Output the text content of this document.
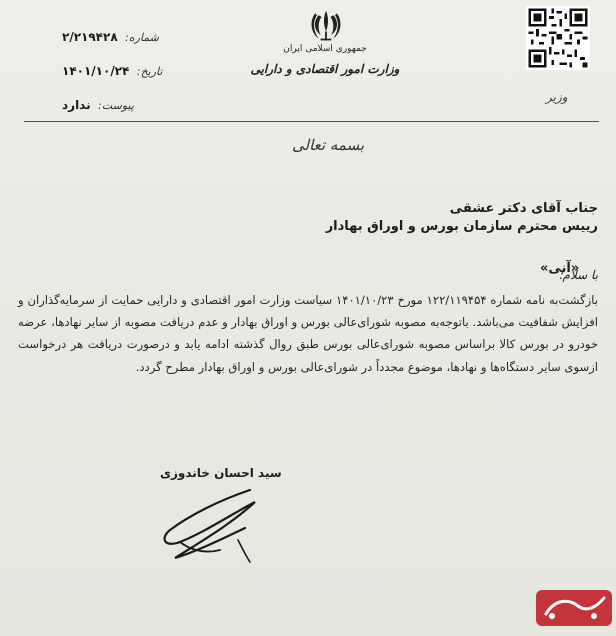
شماره: ۲/۲۱۹۴۲۸
تاریخ: ۱۴۰۱/۱۰/۲۴
پیوست: ندارد
جمهوری اسلامی ایران
وزارت امور اقتصادی و دارایی
وزیر
بسمه تعالی
جناب آقای دکتر عشقی
رییس محترم سازمان بورس و اوراق بهادار
«آنی»
با سلام؛
بازگشت‌به نامه شماره ۱۲۲/۱۱۹۴۵۴ مورخ ۱۴۰۱/۱۰/۲۳ سیاست وزارت امور اقتصادی و دارایی حمایت از سرمایه‌گذاران و افزایش شفافیت می‌باشد. باتوجه‌به مصوبه شورای‌عالی بورس و اوراق بهادار و عدم دریافت مصوبه از سایر نهادها، عرضه خودرو در بورس کالا براساس مصوبه شورای‌عالی بورس طبق روال گذشته ادامه یابد و درصورت دریافت هر درخواست ازسوی سایر دستگاه‌ها و نهادها، موضوع مجدداً در شورای‌عالی بورس و اوراق بهادار مطرح گردد.
سید احسان خاندوزی
